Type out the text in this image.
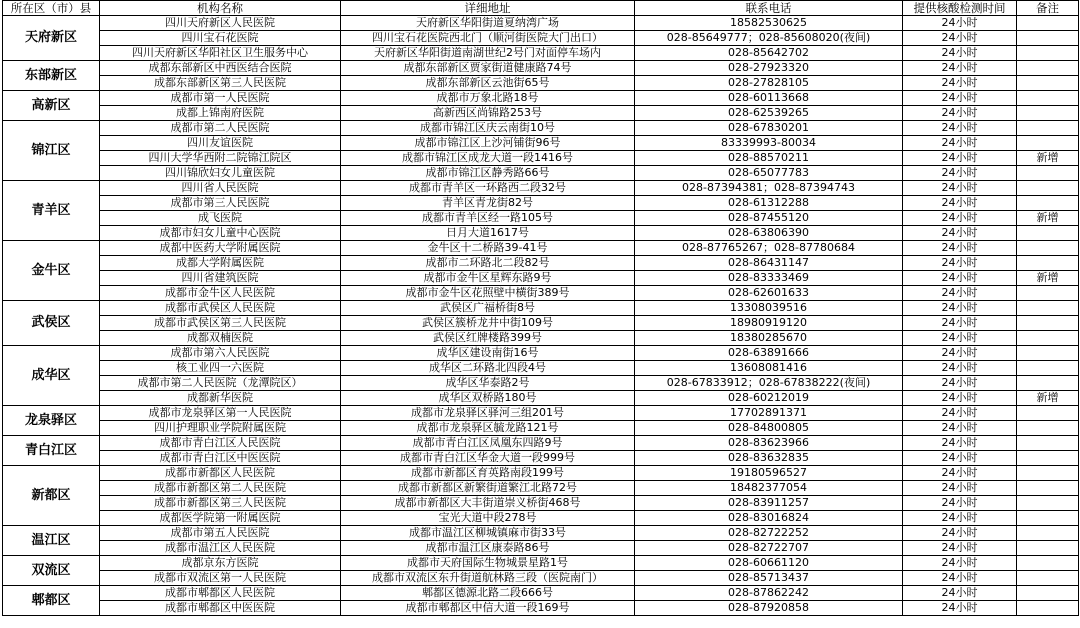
所在区（市）县	机构名称	详细地址	联系电话	提供核酸检测时间	备注
天府新区	四川天府新区人民医院	天府新区华阳街道夏纳湾广场	18582530625	24小时	
	四川宝石花医院	四川宝石花医院西北门（顺河街医院大门出口）	028-85649777；028-85608020(夜间)	24小时	
	四川天府新区华阳社区卫生服务中心	天府新区华阳街道南湖世纪2号门对面停车场内	028-85642702	24小时	
东部新区	成都东部新区中西医结合医院	成都东部新区贾家街道健康路74号	028-27923320	24小时	
	成都东部新区第三人民医院	成都东部新区云池街65号	028-27828105	24小时	
高新区	成都市第一人民医院	成都市万象北路18号	028-60113668	24小时	
	成都上锦南府医院	高新西区尚锦路253号	028-62539265	24小时	
锦江区	成都市第二人民医院	成都市锦江区庆云南街10号	028-67830201	24小时	
	四川友谊医院	成都市锦江区上沙河铺街96号	83339993-80034	24小时	
	四川大学华西附二院锦江院区	成都市锦江区成龙大道一段1416号	028-88570211	24小时	新增
	四川锦欣妇女儿童医院	成都市锦江区静秀路66号	028-65077783	24小时	
青羊区	四川省人民医院	成都市青羊区一环路西二段32号	028-87394381；028-87394743	24小时	
	成都市第三人民医院	青羊区青龙街82号	028-61312288	24小时	
	成飞医院	成都市青羊区经一路105号	028-87455120	24小时	新增
	成都市妇女儿童中心医院	日月大道1617号	028-63806390	24小时	
金牛区	成都中医药大学附属医院	金牛区十二桥路39-41号	028-87765267；028-87780684	24小时	
	成都大学附属医院	成都市二环路北二段82号	028-86431147	24小时	
	四川省建筑医院	成都市金牛区星辉东路9号	028-83333469	24小时	新增
	成都市金牛区人民医院	成都市金牛区花照壁中横街389号	028-62601633	24小时	
武侯区	成都市武侯区人民医院	武侯区广福桥街8号	13308039516	24小时	
	成都市武侯区第三人民医院	武侯区簇桥龙井中街109号	18980919120	24小时	
	成都双楠医院	武侯区红牌楼路399号	18380285670	24小时	
成华区	成都市第六人民医院	成华区建设南街16号	028-63891666	24小时	
	核工业四一六医院	成华区二环路北四段4号	13608081416	24小时	
	成都市第二人民医院（龙潭院区）	成华区华泰路2号	028-67833912；028-67838222(夜间)	24小时	
	成都新华医院	成华区双桥路180号	028-60212019	24小时	新增
龙泉驿区	成都市龙泉驿区第一人民医院	成都市龙泉驿区驿河三组201号	17702891371	24小时	
	四川护理职业学院附属医院	成都市龙泉驿区毓龙路121号	028-84800805	24小时	
青白江区	成都市青白江区人民医院	成都市青白江区凤凰东四路9号	028-83623966	24小时	
	成都市青白江区中医医院	成都市青白江区华金大道一段999号	028-83632835	24小时	
新都区	成都市新都区人民医院	成都市新都区育英路南段199号	19180596527	24小时	
	成都市新都区第二人民医院	成都市新都区新繁街道繁江北路72号	18482377054	24小时	
	成都市新都区第三人民医院	成都市新都区大丰街道崇义桥街468号	028-83911257	24小时	
	成都医学院第一附属医院	宝光大道中段278号	028-83016824	24小时	
温江区	成都市第五人民医院	成都市温江区柳城镇麻市街33号	028-82722252	24小时	
	成都市温江区人民医院	成都市温江区康泰路86号	028-82722707	24小时	
双流区	成都京东方医院	成都市天府国际生物城景星路1号	028-60661120	24小时	
	成都市双流区第一人民医院	成都市双流区东升街道航林路三段（医院南门）	028-85713437	24小时	
郫都区	成都市郫都区人民医院	郫都区德源北路二段666号	028-87862242	24小时	
	成都市郫都区中医医院	成都市郫都区中信大道一段169号	028-87920858	24小时	
